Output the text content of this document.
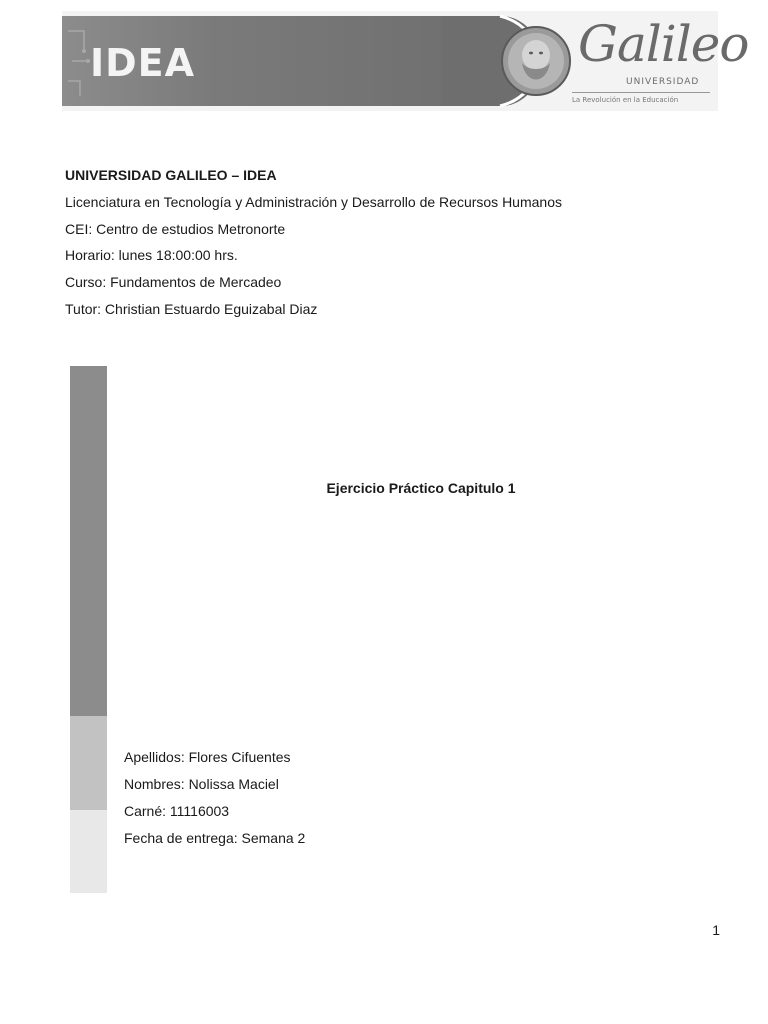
IDEA	Galileo
UNIVERSIDAD
La Revolución en la Educación
UNIVERSIDAD GALILEO – IDEA
Licenciatura en Tecnología y Administración y Desarrollo de Recursos Humanos
CEI: Centro de estudios Metronorte
Horario: lunes 18:00:00 hrs.
Curso: Fundamentos de Mercadeo
Tutor: Christian Estuardo Eguizabal Diaz
Ejercicio Práctico Capitulo 1
Apellidos: Flores Cifuentes
Nombres: Nolissa Maciel
Carné: 11116003
Fecha de entrega: Semana 2
1
